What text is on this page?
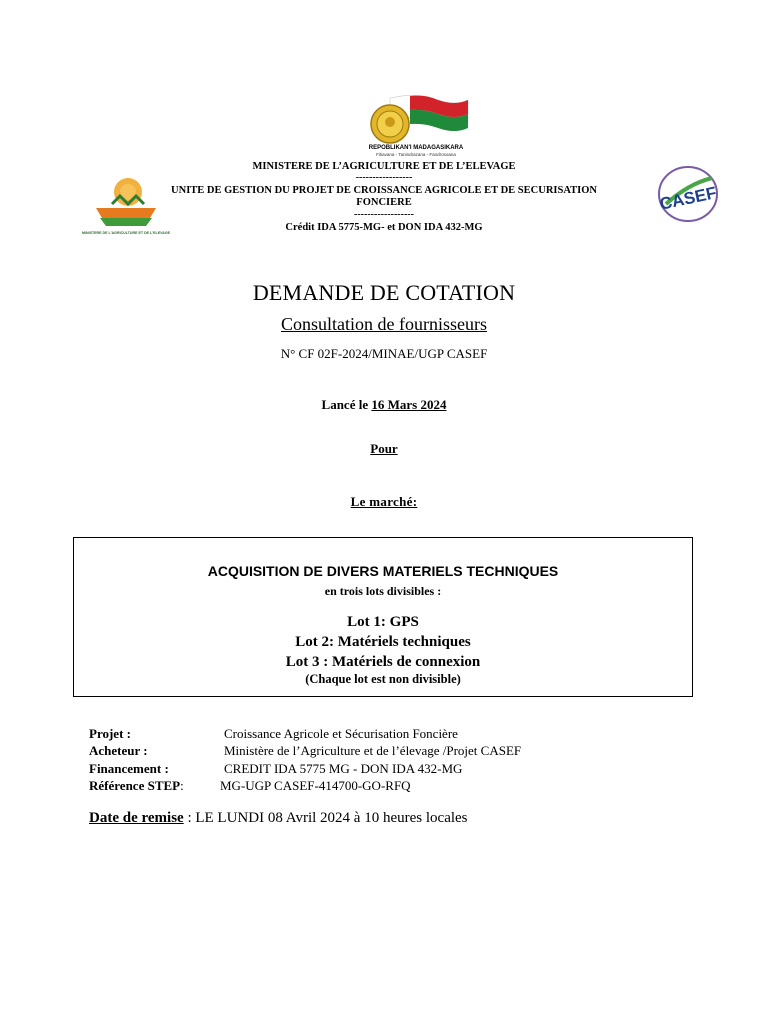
REPOBLIKAN'I MADAGASIKARA
Fitiavana - Tanindrazana - Fandrosoana
MINISTERE DE L'AGRICULTURE ET DE L'ELEVAGE
CASEF
MINISTERE DE L’AGRICULTURE ET DE L’ELEVAGE
-----------------
UNITE DE GESTION DU PROJET DE CROISSANCE AGRICOLE ET DE SECURISATION
FONCIERE
------------------
Crédit IDA 5775-MG- et DON IDA 432-MG
DEMANDE DE COTATION
Consultation de fournisseurs
N° CF 02F-2024/MINAE/UGP CASEF
Lancé le 16 Mars 2024
Pour
Le marché:
ACQUISITION DE DIVERS MATERIELS TECHNIQUES
en trois lots divisibles :
Lot 1: GPS
Lot 2: Matériels techniques
Lot 3 : Matériels de connexion
(Chaque lot est non divisible)
Projet :	Croissance Agricole et Sécurisation Foncière
Acheteur :	Ministère de l’Agriculture et de l’élevage /Projet CASEF
Financement :	CREDIT IDA 5775 MG - DON IDA 432-MG
Référence STEP:	MG-UGP CASEF-414700-GO-RFQ
Date de remise : LE LUNDI 08 Avril 2024 à 10 heures locales
